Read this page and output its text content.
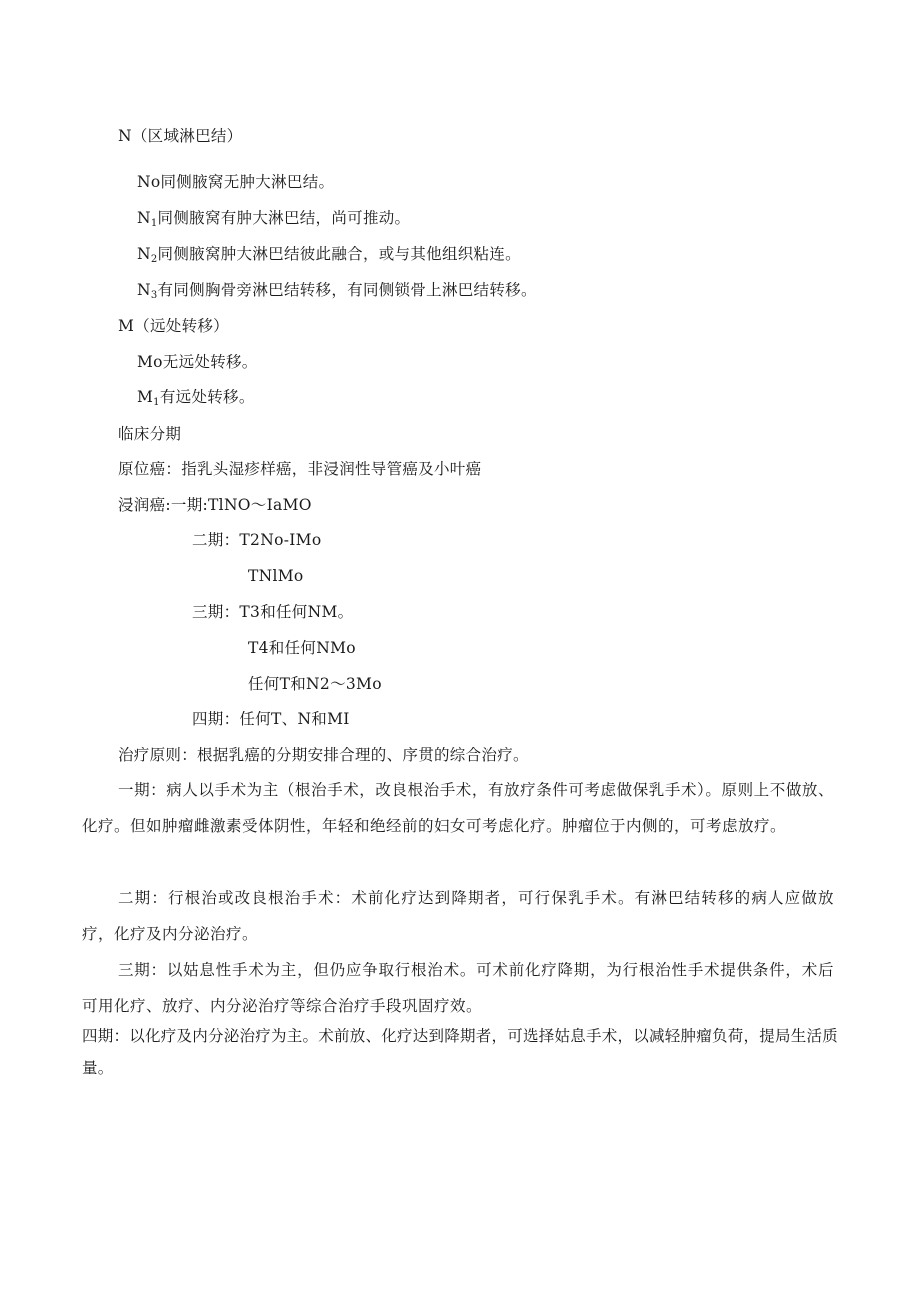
N（区域淋巴结）
No同侧腋窝无肿大淋巴结。
$N_1$同侧腋窝有肿大淋巴结，尚可推动。
$N_2$同侧腋窝肿大淋巴结彼此融合，或与其他组织粘连。
$N_3$有同侧胸骨旁淋巴结转移，有同侧锁骨上淋巴结转移。
M（远处转移）
Mo无远处转移。
$M_1$有远处转移。
临床分期
原位癌：指乳头湿疹样癌，非浸润性导管癌及小叶癌
浸润癌:一期:TlNO～IaMO
二期：T2No-IMo
TNlMo
三期：T3和任何NM。
T4和任何NMo
任何T和N2～3Mo
四期：任何T、N和MI
治疗原则：根据乳癌的分期安排合理的、序贯的综合治疗。
一期：病人以手术为主（根治手术，改良根治手术，有放疗条件可考虑做保乳手术）。原则上不做放、化疗。但如肿瘤雌激素受体阴性，年轻和绝经前的妇女可考虑化疗。肿瘤位于内侧的，可考虑放疗。
二期：行根治或改良根治手术：术前化疗达到降期者，可行保乳手术。有淋巴结转移的病人应做放疗，化疗及内分泌治疗。
三期：以姑息性手术为主，但仍应争取行根治术。可术前化疗降期，为行根治性手术提供条件，术后可用化疗、放疗、内分泌治疗等综合治疗手段巩固疗效。
四期：以化疗及内分泌治疗为主。术前放、化疗达到降期者，可选择姑息手术，以减轻肿瘤负荷，提局生活质量。
